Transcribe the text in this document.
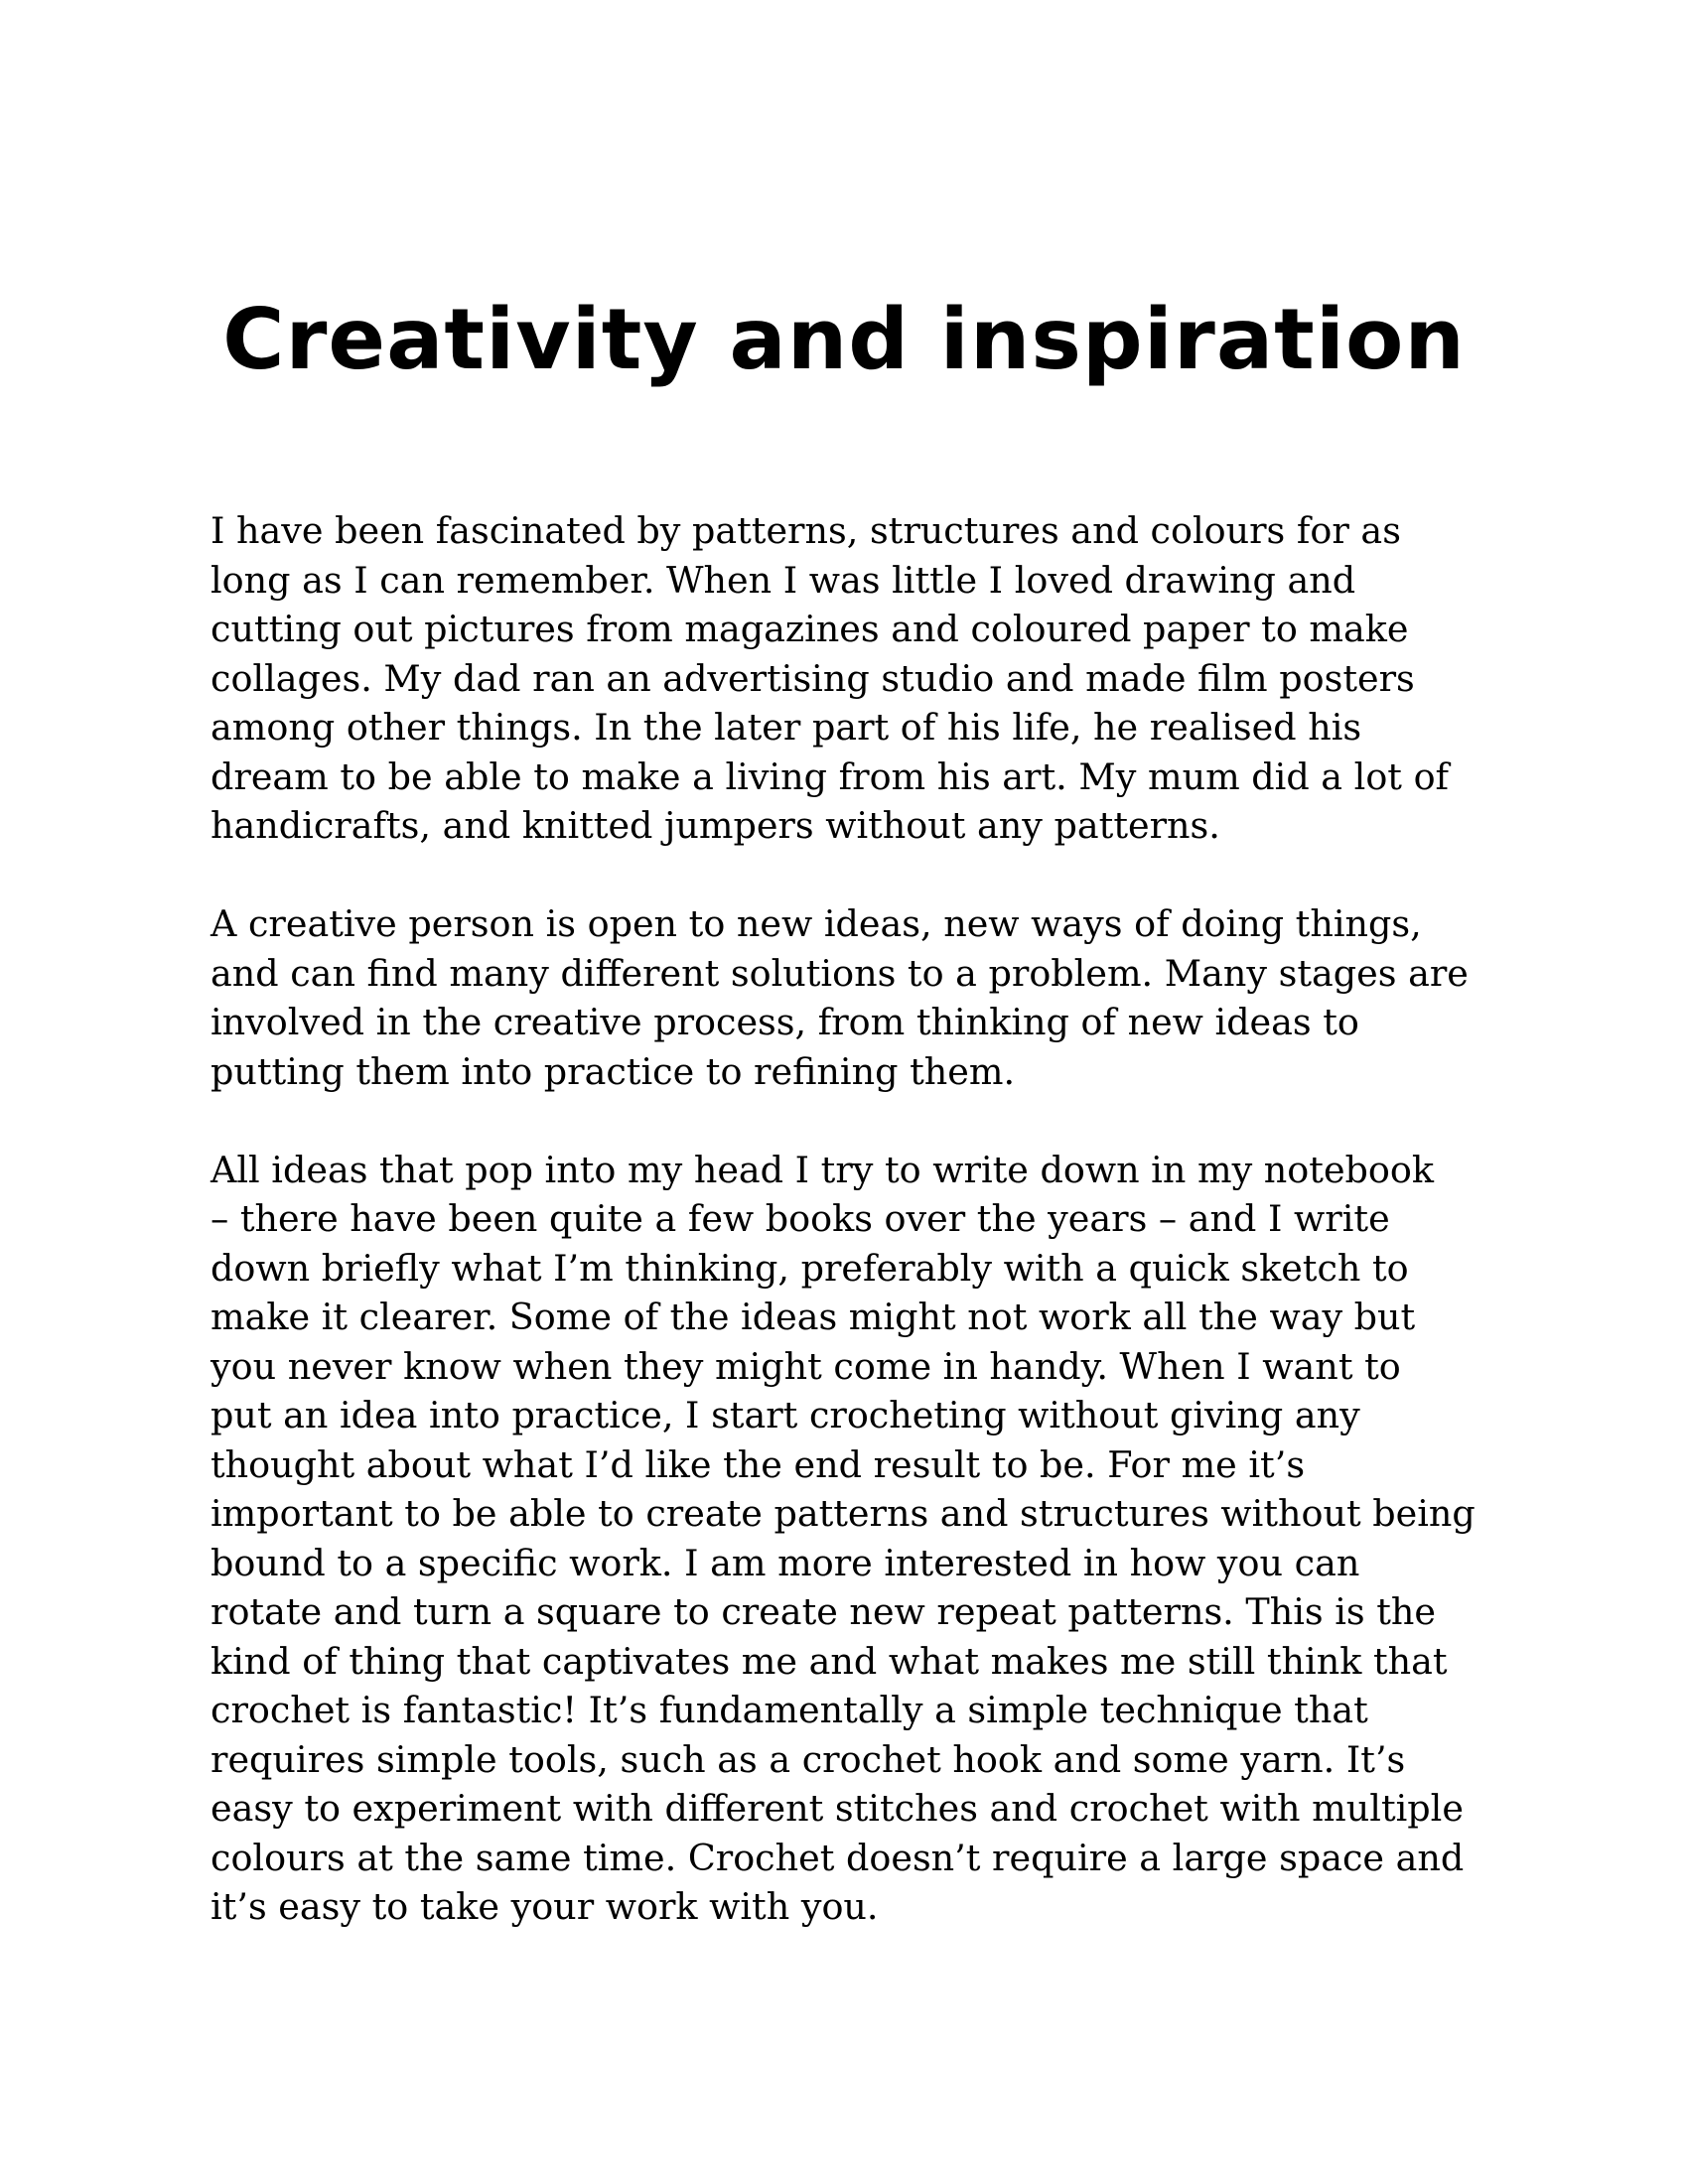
Creativity and inspiration

I have been fascinated by patterns, structures and colours for as
long as I can remember. When I was little I loved drawing and
cutting out pictures from magazines and coloured paper to make
collages. My dad ran an advertising studio and made film posters
among other things. In the later part of his life, he realised his
dream to be able to make a living from his art. My mum did a lot of
handicrafts, and knitted jumpers without any patterns.

A creative person is open to new ideas, new ways of doing things,
and can find many different solutions to a problem. Many stages are
involved in the creative process, from thinking of new ideas to
putting them into practice to refining them.

All ideas that pop into my head I try to write down in my notebook
– there have been quite a few books over the years – and I write
down briefly what I’m thinking, preferably with a quick sketch to
make it clearer. Some of the ideas might not work all the way but
you never know when they might come in handy. When I want to
put an idea into practice, I start crocheting without giving any
thought about what I’d like the end result to be. For me it’s
important to be able to create patterns and structures without being
bound to a specific work. I am more interested in how you can
rotate and turn a square to create new repeat patterns. This is the
kind of thing that captivates me and what makes me still think that
crochet is fantastic! It’s fundamentally a simple technique that
requires simple tools, such as a crochet hook and some yarn. It’s
easy to experiment with different stitches and crochet with multiple
colours at the same time. Crochet doesn’t require a large space and
it’s easy to take your work with you.
